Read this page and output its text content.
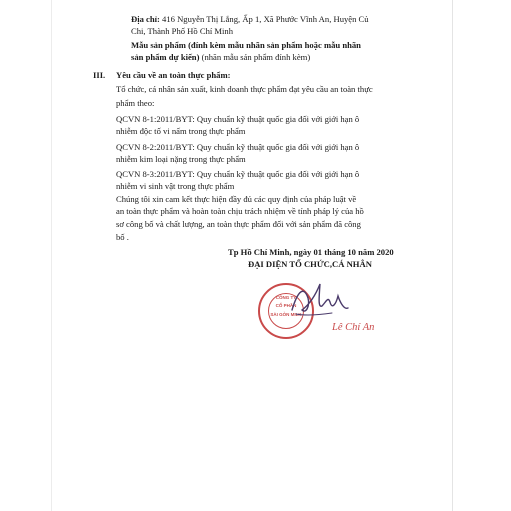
Địa chỉ: 416 Nguyễn Thị Lắng, Ấp 1, Xã Phước Vĩnh An, Huyện Củ
Chi, Thành Phố Hồ Chí Minh
Mẫu sản phẩm (đính kèm mẫu nhãn sản phẩm hoặc mẫu nhãn
sản phẩm dự kiến) (nhãn mẫu sản phẩm đính kèm)
III. Yêu cầu về an toàn thực phẩm:
Tổ chức, cá nhân sản xuất, kinh doanh thực phẩm đạt yêu cầu an toàn thực
phẩm theo:
QCVN 8-1:2011/BYT: Quy chuẩn kỹ thuật quốc gia đối với giới hạn ô
nhiễm độc tố vi nấm trong thực phẩm
QCVN 8-2:2011/BYT: Quy chuẩn kỹ thuật quốc gia đối với giới hạn ô
nhiễm kim loại nặng trong thực phẩm
QCVN 8-3:2011/BYT: Quy chuẩn kỹ thuật quốc gia đối với giới hạn ô
nhiễm vi sinh vật trong thực phẩm
Chúng tôi xin cam kết thực hiện đầy đủ các quy định của pháp luật về
an toàn thực phẩm và hoàn toàn chịu trách nhiệm về tính pháp lý của hồ
sơ công bố và chất lượng, an toàn thực phẩm đối với sản phẩm đã công
bố .
Tp Hồ Chí Minh, ngày 01 tháng 10 năm 2020
ĐẠI DIỆN TỔ CHỨC,CÁ NHÂN
Lê Chí An
CÔNG TY
CỔ PHẦN
SÀI GÒN MILK
